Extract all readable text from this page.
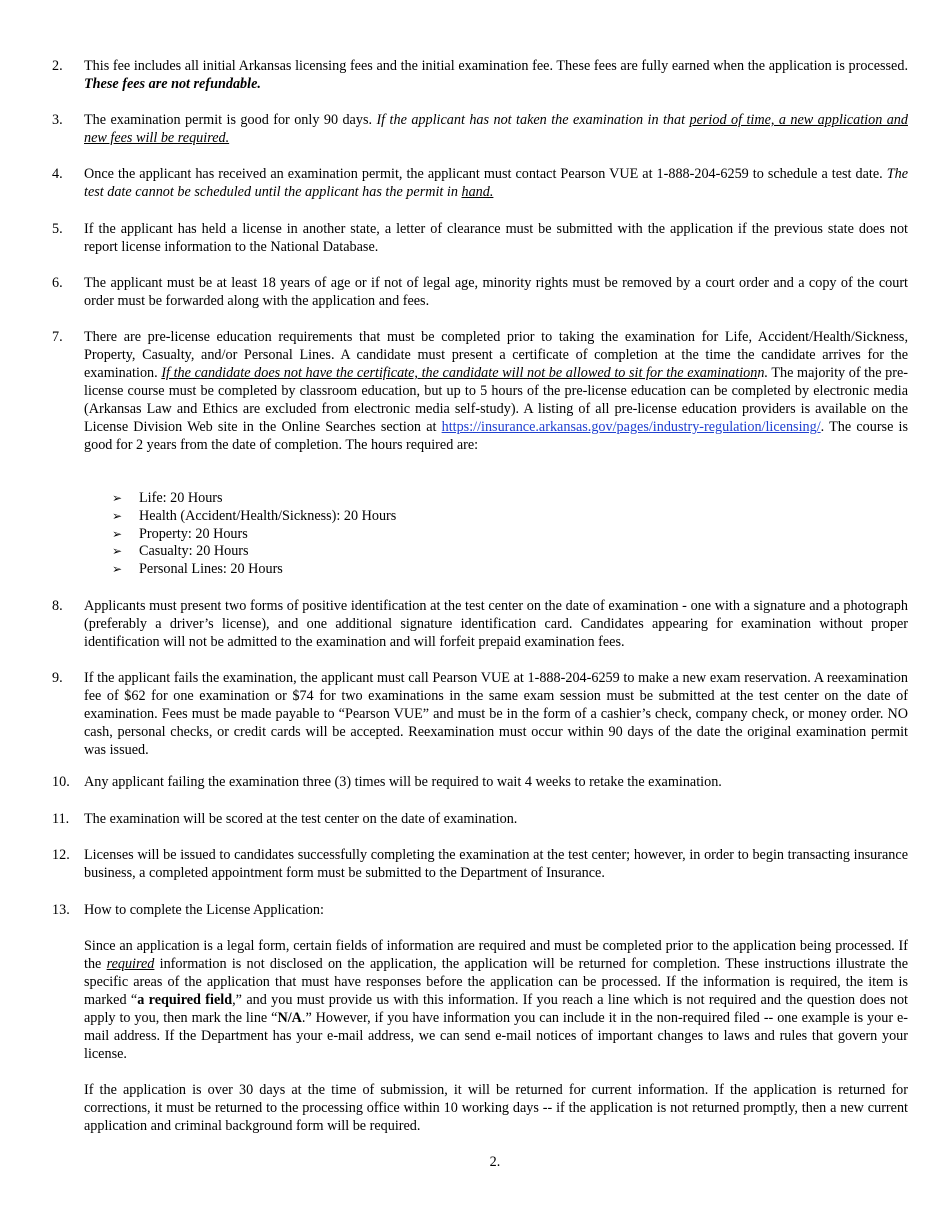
2.	This fee includes all initial Arkansas licensing fees and the initial examination fee. These fees are fully earned when the application is processed. These fees are not refundable.

3.	The examination permit is good for only 90 days. If the applicant has not taken the examination in that period of time, a new application and new fees will be required.

4.	Once the applicant has received an examination permit, the applicant must contact Pearson VUE at 1-888-204-6259 to schedule a test date. The test date cannot be scheduled until the applicant has the permit in hand.

5.	If the applicant has held a license in another state, a letter of clearance must be submitted with the application if the previous state does not report license information to the National Database.

6.	The applicant must be at least 18 years of age or if not of legal age, minority rights must be removed by a court order and a copy of the court order must be forwarded along with the application and fees.

7.	There are pre-license education requirements that must be completed prior to taking the examination for Life, Accident/Health/Sickness, Property, Casualty, and/or Personal Lines. A candidate must present a certificate of completion at the time the candidate arrives for the examination. If the candidate does not have the certificate, the candidate will not be allowed to sit for the examinationn. The majority of the pre-license course must be completed by classroom education, but up to 5 hours of the pre-license education can be completed by electronic media (Arkansas Law and Ethics are excluded from electronic media self-study). A listing of all pre-license education providers is available on the License Division Web site in the Online Searches section at https://insurance.arkansas.gov/pages/industry-regulation/licensing/. The course is good for 2 years from the date of completion. The hours required are:

➢ Life: 20 Hours
➢ Health (Accident/Health/Sickness): 20 Hours
➢ Property: 20 Hours
➢ Casualty: 20 Hours
➢ Personal Lines: 20 Hours
8.	Applicants must present two forms of positive identification at the test center on the date of examination - one with a signature and a photograph (preferably a driver’s license), and one additional signature identification card. Candidates appearing for examination without proper identification will not be admitted to the examination and will forfeit prepaid examination fees.

9.	If the applicant fails the examination, the applicant must call Pearson VUE at 1-888-204-6259 to make a new exam reservation. A reexamination fee of $62 for one examination or $74 for two examinations in the same exam session must be submitted at the test center on the date of examination. Fees must be made payable to “Pearson VUE” and must be in the form of a cashier’s check, company check, or money order. NO cash, personal checks, or credit cards will be accepted. Reexamination must occur within 90 days of the date the original examination permit was issued.

10.	Any applicant failing the examination three (3) times will be required to wait 4 weeks to retake the examination.

11.	The examination will be scored at the test center on the date of examination.

12.	Licenses will be issued to candidates successfully completing the examination at the test center; however, in order to begin transacting insurance business, a completed appointment form must be submitted to the Department of Insurance.

13.	How to complete the License Application:

Since an application is a legal form, certain fields of information are required and must be completed prior to the application being processed. If the required information is not disclosed on the application, the application will be returned for completion. These instructions illustrate the specific areas of the application that must have responses before the application can be processed. If the information is required, the item is marked “a required field,” and you must provide us with this information. If you reach a line which is not required and the question does not apply to you, then mark the line “N/A.” However, if you have information you can include it in the non-required filed -- one example is your e-mail address. If the Department has your e-mail address, we can send e-mail notices of important changes to laws and rules that govern your license.

If the application is over 30 days at the time of submission, it will be returned for current information. If the application is returned for corrections, it must be returned to the processing office within 10 working days -- if the application is not returned promptly, then a new current application and criminal background form will be required.

2.
